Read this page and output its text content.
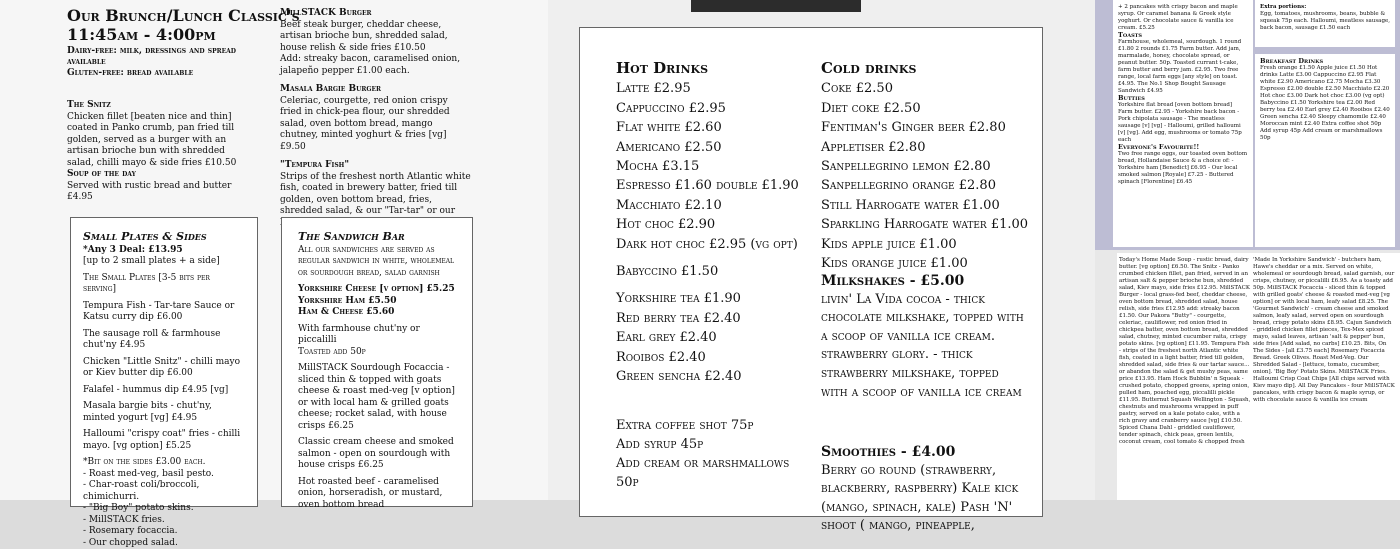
Our Brunch/Lunch Classic's 11:45am - 4:00pm
Dairy-free: milk, dressings and spread available
Gluten-free: bread available
The Snitz
Chicken fillet [beaten nice and thin] coated in Panko crumb, pan fried till golden, served as a burger with an artisan brioche bun with shredded salad, chilli mayo & side fries £10.50
Soup of the day
Served with rustic bread and butter £4.95

MillSTACK Burger
Beef steak burger, cheddar cheese, artisan brioche bun, shredded salad, house relish & side fries £10.50
Add: streaky bacon, caramelised onion, jalapeño pepper £1.00 each.

Masala Bargie Burger
Celeriac, courgette, red onion crispy fried in chick-pea flour, our shredded salad, oven bottom bread, mango chutney, minted yoghurt & fries [vg] £9.50

"Tempura Fish"
Strips of the freshest north Atlantic white fish, coated in brewery batter, fried till golden, oven bottom bread, fries, shredded salad, & our "Tar-tar" or our

Small Plates & Sides
*Any 3 Deal: £13.95

[up to 2 small plates + a side]

The Small Plates [3-5 bits per serving]

Tempura Fish - Tar-tare Sauce or Katsu curry dip £6.00

The sausage roll & farmhouse chut'ny £4.95

Chicken "Little Snitz" - chilli mayo or Kiev butter dip £6.00

Falafel - hummus dip £4.95 [vg]

Masala bargie bits - chut'ny, minted yogurt [vg] £4.95

Halloumi "crispy coat" fries - chilli mayo. [vg option] £5.25

*Bit on the sides £3.00 each.
- Roast med-veg, basil pesto.
- Char-roast coli/broccoli, chimichurri.
- "Big Boy" potato skins.
- MillSTACK fries.
- Rosemary focaccia.
- Our chopped salad.
The Sandwich Bar

All our sandwiches are served as regular sandwich in white, wholemeal or sourdough bread, salad garnish

Yorkshire Cheese [v option] £5.25
Yorkshire Ham £5.50

Ham & Cheese £5.60

With farmhouse chut'ny or piccalilli

Toasted add 50p

MillSTACK Sourdough Focaccia - sliced thin & topped with goats cheese & roast med-veg [v option] or with local ham & grilled goats cheese; rocket salad, with house crisps £6.25

Classic cream cheese and smoked salmon - open on sourdough with house crisps £6.25

Hot roasted beef - caramelised onion, horseradish, or mustard, oven bottom bread

Hot Drinks
Latte £2.95
Cappuccino £2.95
Flat white £2.60
Americano £2.50
Mocha £3.15
Espresso £1.60 double £1.90
Macchiato £2.10
Hot choc £2.90
Dark hot choc £2.95 (vg opt)
Babyccino £1.50
Yorkshire tea £1.90
Red berry tea £2.40
Earl grey £2.40
Rooibos £2.40
Green sencha £2.40
Extra coffee shot 75p
Add syrup 45p
Add cream or marshmallows 50p
Cold drinks
Coke £2.50
Diet coke £2.50
Fentiman's Ginger beer £2.80
Appletiser £2.80
Sanpellegrino lemon £2.80
Sanpellegrino orange £2.80
Still Harrogate water £1.00
Sparkling Harrogate water £1.00
Kids apple juice £1.00
Kids orange juice £1.00
Milkshakes - £5.00
livin' La Vida cocoa - thick chocolate milkshake, topped with a scoop of vanilla ice cream. strawberry glory. - thick strawberry milkshake, topped with a scoop of vanilla ice cream
Smoothies - £4.00
Berry go round (strawberry, blackberry, raspberry) Kale kick (mango, spinach, kale) Pash 'N' shoot ( mango, pineapple,
+ 2 pancakes with crispy bacon and maple syrup. Or caramel banana & Greek style yoghurt. Or chocolate sauce & vanilla ice cream. £5.25
Toasts
Farmhouse, wholemeal, sourdough. 1 round £1.80 2 rounds £1.75 Farm butter. Add jam, marmalade, honey, chocolate spread, or peanut butter. 50p. Toasted currant t-cake, farm butter and berry jam. £2.95. Two free range, local farm eggs [any style] on toast. £4.95. The No.1 Shop Bought Sausage Sandwich £4.95
Butties
Yorkshire flat bread [oven bottom bread] Farm butter. £2.95 - Yorkshire back bacon - Pork chipolata sausage - The meatless sausage [v] [vg] - Halloumi, grilled halloumi [v] [vg]. Add egg, mushrooms or tomato 75p each
Everyone's Favourite!!
Two free range eggs, our toasted oven bottom bread, Hollandaise Sauce & a choice of: - Yorkshire ham [Benedict] £6.95 - Our local smoked salmon [Royale] £7.25 - Buttered spinach [Florentine] £6.45
Extra portions:
Egg, tomatoes, mushrooms, beans, bubble & squeak 75p each. Halloumi, meatless sausage, back bacon, sausage £1.50 each
Breakfast Drinks
Fresh orange £1.50 Apple juice £1.50 Hot drinks Latte £3.00 Cappuccino £2.95 Flat white £2.90 Americano £2.75 Mocha £3.30 Espresso £2.00 double £2.50 Macchiato £2.20 Hot choc £3.00 Dark hot choc £3.00 (vg opt) Babyccino £1.50 Yorkshire tea £2.00 Red berry tea £2.40 Earl grey £2.40 Rooibos £2.40 Green sencha £2.40 Sleepy chamomile £2.40 Moroccan mint £2.40 Extra coffee shot 50p Add syrup 45p Add cream or marshmallows 50p
Today's Home Made Soup - rustic bread, dairy butter. [vg option] £6.50. The Snitz - Panko crumbed chicken fillet, pan fried, served in an artisan salt & pepper brioche bun, shredded salad, Kiev mayo, side fries £12.95. MillSTACK Burger - local grass-fed beef, cheddar cheese, oven bottom bread, shredded salad, house relish, side fries £12.95 add: streaky bacon £1.50. Our Pakora "Butty" - courgette, celeriac, cauliflower, red onion fried in chickpea batter, oven bottom bread, shredded salad, chutney, minted cucumber raita, crispy potato skins. [vg option] £11.95. Tempura Fish - strips of the freshest north Atlantic white fish, coated in a light batter, fried till golden, shredded salad, side fries & our tartar sauce... or abandon the salad & get mushy peas, same price £13.95. Ham Hock Bubblin' n Squeak - crushed potato, chopped greens, spring onion, pulled ham, poached egg, piccalilli pickle £11.95. Butternut Squash Wellington - Squash, chestnuts and mushrooms wrapped in puff pastry, served on a kale potato cake, with a rich gravy and cranberry sauce [vg] £10.50. Spiced Chana Dahl - griddled cauliflower, tender spinach, chick peas, green lentils, coconut cream, cool tomato & chopped fresh
'Made In Yorkshire Sandwich' - butchers ham, Hawe's cheddar or a mix. Served on white, wholemeal or sourdough bread, salad garnish, our crisps, chutney, or piccalilli £6.95. As a toasty add 50p. MillSTACK Focaccia - sliced thin & topped with grilled goats' cheese & roasted med-veg [vg option] or with local ham, leafy salad £8.25. The 'Gourmet Sandwich' - cream cheese and smoked salmon, leafy salad, served open on sourdough bread, crispy potato skins £8.95. Cajun Sandwich - griddled chicken fillet pieces, Tex-Mex spiced mayo, salad leaves, artisan 'salt & pepper' bun, side fries [Add salad, no carbs] £10.25. Bits, On The Sides - [all £3.75 each] Rosemary Focaccia Bread. Greek Olives. Roast Med-Veg. Our Shredded Salad - [lettuce, tomato, cucumber, onion]. 'Big Boy' Potato Skins. MillSTACK Fries. Halloumi Crisp Coat Chips [All chips served with Kiev mayo dip]. All Day Pancakes - four MillSTACK pancakes, with crispy bacon & maple syrup, or with chocolate sauce & vanilla ice cream
